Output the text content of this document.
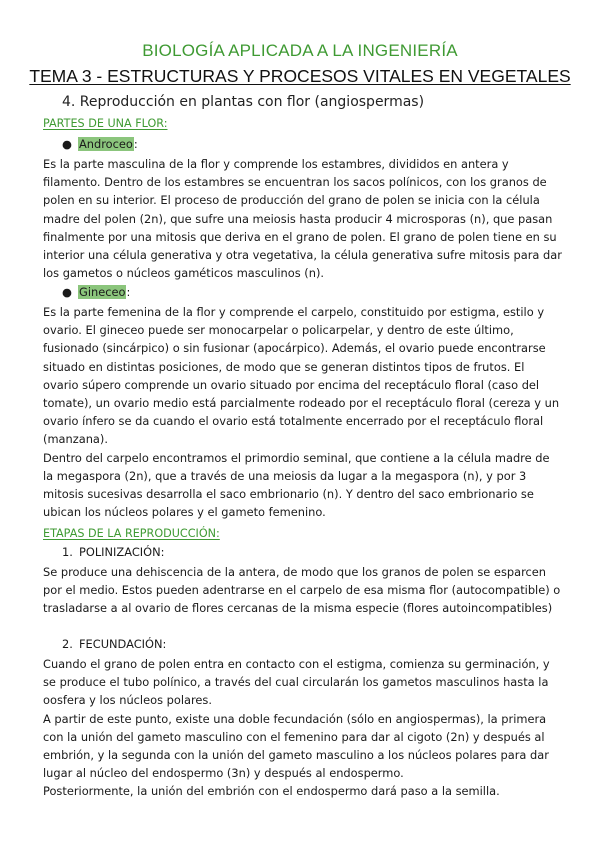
BIOLOGÍA APLICADA A LA INGENIERÍA
TEMA 3 - ESTRUCTURAS Y PROCESOS VITALES EN VEGETALES
4. Reproducción en plantas con flor (angiospermas)
PARTES DE UNA FLOR:
● Androceo:

Es la parte masculina de la flor y comprende los estambres, divididos en antera y filamento. Dentro de los estambres se encuentran los sacos polínicos, con los granos de polen en su interior. El proceso de producción del grano de polen se inicia con la célula madre del polen (2n), que sufre una meiosis hasta producir 4 microsporas (n), que pasan finalmente por una mitosis que deriva en el grano de polen. El grano de polen tiene en su interior una célula generativa y otra vegetativa, la célula generativa sufre mitosis para dar los gametos o núcleos gaméticos masculinos (n).

● Gineceo:

Es la parte femenina de la flor y comprende el carpelo, constituido por estigma, estilo y ovario. El gineceo puede ser monocarpelar o policarpelar, y dentro de este último, fusionado (sincárpico) o sin fusionar (apocárpico). Además, el ovario puede encontrarse situado en distintas posiciones, de modo que se generan distintos tipos de frutos. El ovario súpero comprende un ovario situado por encima del receptáculo floral (caso del tomate), un ovario medio está parcialmente rodeado por el receptáculo floral (cereza y un ovario ínfero se da cuando el ovario está totalmente encerrado por el receptáculo floral (manzana).

Dentro del carpelo encontramos el primordio seminal, que contiene a la célula madre de la megaspora (2n), que a través de una meiosis da lugar a la megaspora (n), y por 3 mitosis sucesivas desarrolla el saco embrionario (n). Y dentro del saco embrionario se ubican los núcleos polares y el gameto femenino.

ETAPAS DE LA REPRODUCCIÓN:
1. POLINIZACIÓN:

Se produce una dehiscencia de la antera, de modo que los granos de polen se esparcen por el medio. Estos pueden adentrarse en el carpelo de esa misma flor (autocompatible) o trasladarse a al ovario de flores cercanas de la misma especie (flores autoincompatibles)

2. FECUNDACIÓN:

Cuando el grano de polen entra en contacto con el estigma, comienza su germinación, y se produce el tubo polínico, a través del cual circularán los gametos masculinos hasta la oosfera y los núcleos polares.

A partir de este punto, existe una doble fecundación (sólo en angiospermas), la primera con la unión del gameto masculino con el femenino para dar al cigoto (2n) y después al embrión, y la segunda con la unión del gameto masculino a los núcleos polares para dar lugar al núcleo del endospermo (3n) y después al endospermo.

Posteriormente, la unión del embrión con el endospermo dará paso a la semilla.
